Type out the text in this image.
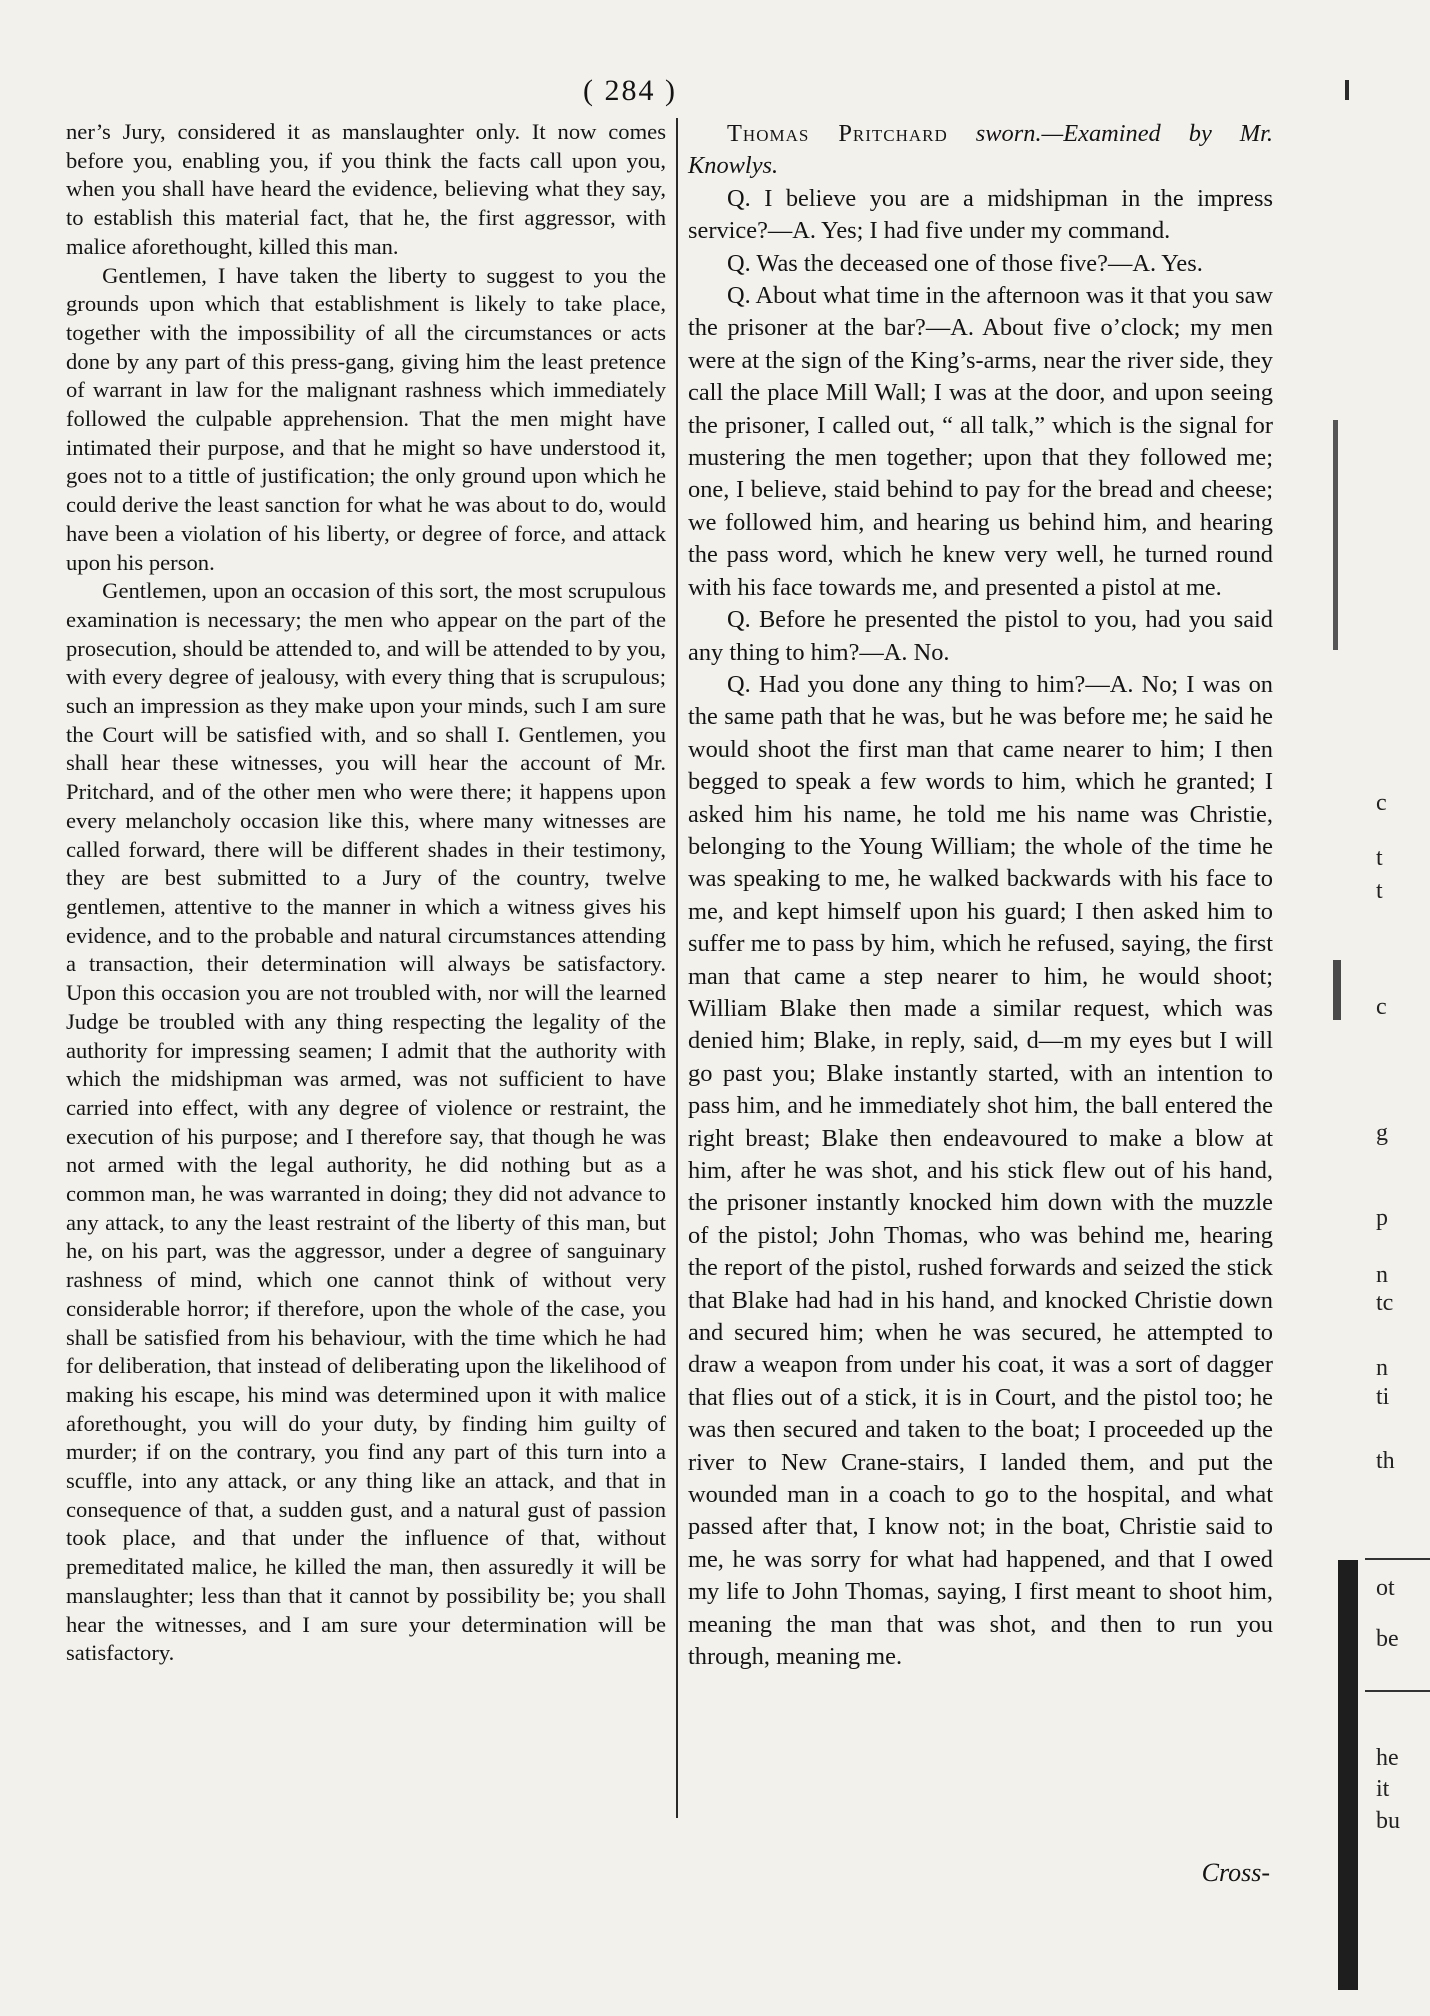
( 284 )

ner’s Jury, considered it as manslaughter only. It now comes before you, enabling you, if you think the facts call upon you, when you shall have heard the evidence, believing what they say, to establish this material fact, that he, the first aggressor, with malice aforethought, killed this man.

Gentlemen, I have taken the liberty to suggest to you the grounds upon which that establishment is likely to take place, together with the impossibility of all the circumstances or acts done by any part of this press-gang, giving him the least pretence of warrant in law for the malignant rashness which immediately followed the culpable apprehension. That the men might have intimated their purpose, and that he might so have understood it, goes not to a tittle of justification; the only ground upon which he could derive the least sanction for what he was about to do, would have been a violation of his liberty, or degree of force, and attack upon his person.

Gentlemen, upon an occasion of this sort, the most scrupulous examination is necessary; the men who appear on the part of the prosecution, should be attended to, and will be attended to by you, with every degree of jealousy, with every thing that is scrupulous; such an impression as they make upon your minds, such I am sure the Court will be satisfied with, and so shall I. Gentlemen, you shall hear these witnesses, you will hear the account of Mr. Pritchard, and of the other men who were there; it happens upon every melancholy occasion like this, where many witnesses are called forward, there will be different shades in their testimony, they are best submitted to a Jury of the country, twelve gentlemen, attentive to the manner in which a witness gives his evidence, and to the probable and natural circumstances attending a transaction, their determination will always be satisfactory. Upon this occasion you are not troubled with, nor will the learned Judge be troubled with any thing respecting the legality of the authority for impressing seamen; I admit that the authority with which the midshipman was armed, was not sufficient to have carried into effect, with any degree of violence or restraint, the execution of his purpose; and I therefore say, that though he was not armed with the legal authority, he did nothing but as a common man, he was warranted in doing; they did not advance to any attack, to any the least restraint of the liberty of this man, but he, on his part, was the aggressor, under a degree of sanguinary rashness of mind, which one cannot think of without very considerable horror; if therefore, upon the whole of the case, you shall be satisfied from his behaviour, with the time which he had for deliberation, that instead of deliberating upon the likelihood of making his escape, his mind was determined upon it with malice aforethought, you will do your duty, by finding him guilty of murder; if on the contrary, you find any part of this turn into a scuffle, into any attack, or any thing like an attack, and that in consequence of that, a sudden gust, and a natural gust of passion took place, and that under the influence of that, without premeditated malice, he killed the man, then assuredly it will be manslaughter; less than that it cannot by possibility be; you shall hear the witnesses, and I am sure your determination will be satisfactory.

Thomas Pritchard sworn.—Examined by Mr. Knowlys.

Q. I believe you are a midshipman in the impress service?—A. Yes; I had five under my command.

Q. Was the deceased one of those five?—A. Yes.

Q. About what time in the afternoon was it that you saw the prisoner at the bar?—A. About five o’clock; my men were at the sign of the King’s-arms, near the river side, they call the place Mill Wall; I was at the door, and upon seeing the prisoner, I called out, “ all talk,” which is the signal for mustering the men together; upon that they followed me; one, I believe, staid behind to pay for the bread and cheese; we followed him, and hearing us behind him, and hearing the pass word, which he knew very well, he turned round with his face towards me, and presented a pistol at me.

Q. Before he presented the pistol to you, had you said any thing to him?—A. No.

Q. Had you done any thing to him?—A. No; I was on the same path that he was, but he was before me; he said he would shoot the first man that came nearer to him; I then begged to speak a few words to him, which he granted; I asked him his name, he told me his name was Christie, belonging to the Young William; the whole of the time he was speaking to me, he walked backwards with his face to me, and kept himself upon his guard; I then asked him to suffer me to pass by him, which he refused, saying, the first man that came a step nearer to him, he would shoot; William Blake then made a similar request, which was denied him; Blake, in reply, said, d—m my eyes but I will go past you; Blake instantly started, with an intention to pass him, and he immediately shot him, the ball entered the right breast; Blake then endeavoured to make a blow at him, after he was shot, and his stick flew out of his hand, the prisoner instantly knocked him down with the muzzle of the pistol; John Thomas, who was behind me, hearing the report of the pistol, rushed forwards and seized the stick that Blake had had in his hand, and knocked Christie down and secured him; when he was secured, he attempted to draw a weapon from under his coat, it was a sort of dagger that flies out of a stick, it is in Court, and the pistol too; he was then secured and taken to the boat; I proceeded up the river to New Crane-stairs, I landed them, and put the wounded man in a coach to go to the hospital, and what passed after that, I know not; in the boat, Christie said to me, he was sorry for what had happened, and that I owed my life to John Thomas, saying, I first meant to shoot him, meaning the man that was shot, and then to run you through, meaning me.

Cross-
c
t
t
c
g
p
n
tc
n
ti
th
ot
be
he
it
bu
